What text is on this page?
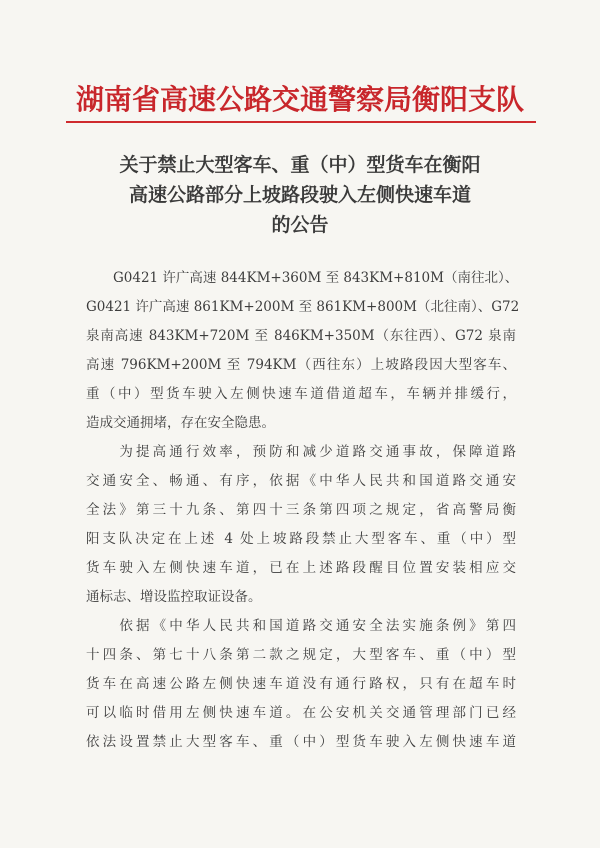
湖南省高速公路交通警察局衡阳支队
关于禁止大型客车、重（中）型货车在衡阳
高速公路部分上坡路段驶入左侧快速车道
的公告
　　G0421 许广高速 844KM+360M 至 843KM+810M（南往北）、
G0421 许广高速 861KM+200M 至 861KM+800M（北往南）、G72
泉南高速 843KM+720M 至 846KM+350M（东往西）、G72 泉南
高速 796KM+200M 至 794KM（西往东）上坡路段因大型客车、
重（中）型货车驶入左侧快速车道借道超车，车辆并排缓行，
造成交通拥堵，存在安全隐患。
　　为提高通行效率，预防和减少道路交通事故，保障道路
交通安全、畅通、有序，依据《中华人民共和国道路交通安
全法》第三十九条、第四十三条第四项之规定，省高警局衡
阳支队决定在上述 4 处上坡路段禁止大型客车、重（中）型
货车驶入左侧快速车道，已在上述路段醒目位置安装相应交
通标志、增设监控取证设备。
　　依据《中华人民共和国道路交通安全法实施条例》第四
十四条、第七十八条第二款之规定，大型客车、重（中）型
货车在高速公路左侧快速车道没有通行路权，只有在超车时
可以临时借用左侧快速车道。在公安机关交通管理部门已经
依法设置禁止大型客车、重（中）型货车驶入左侧快速车道
